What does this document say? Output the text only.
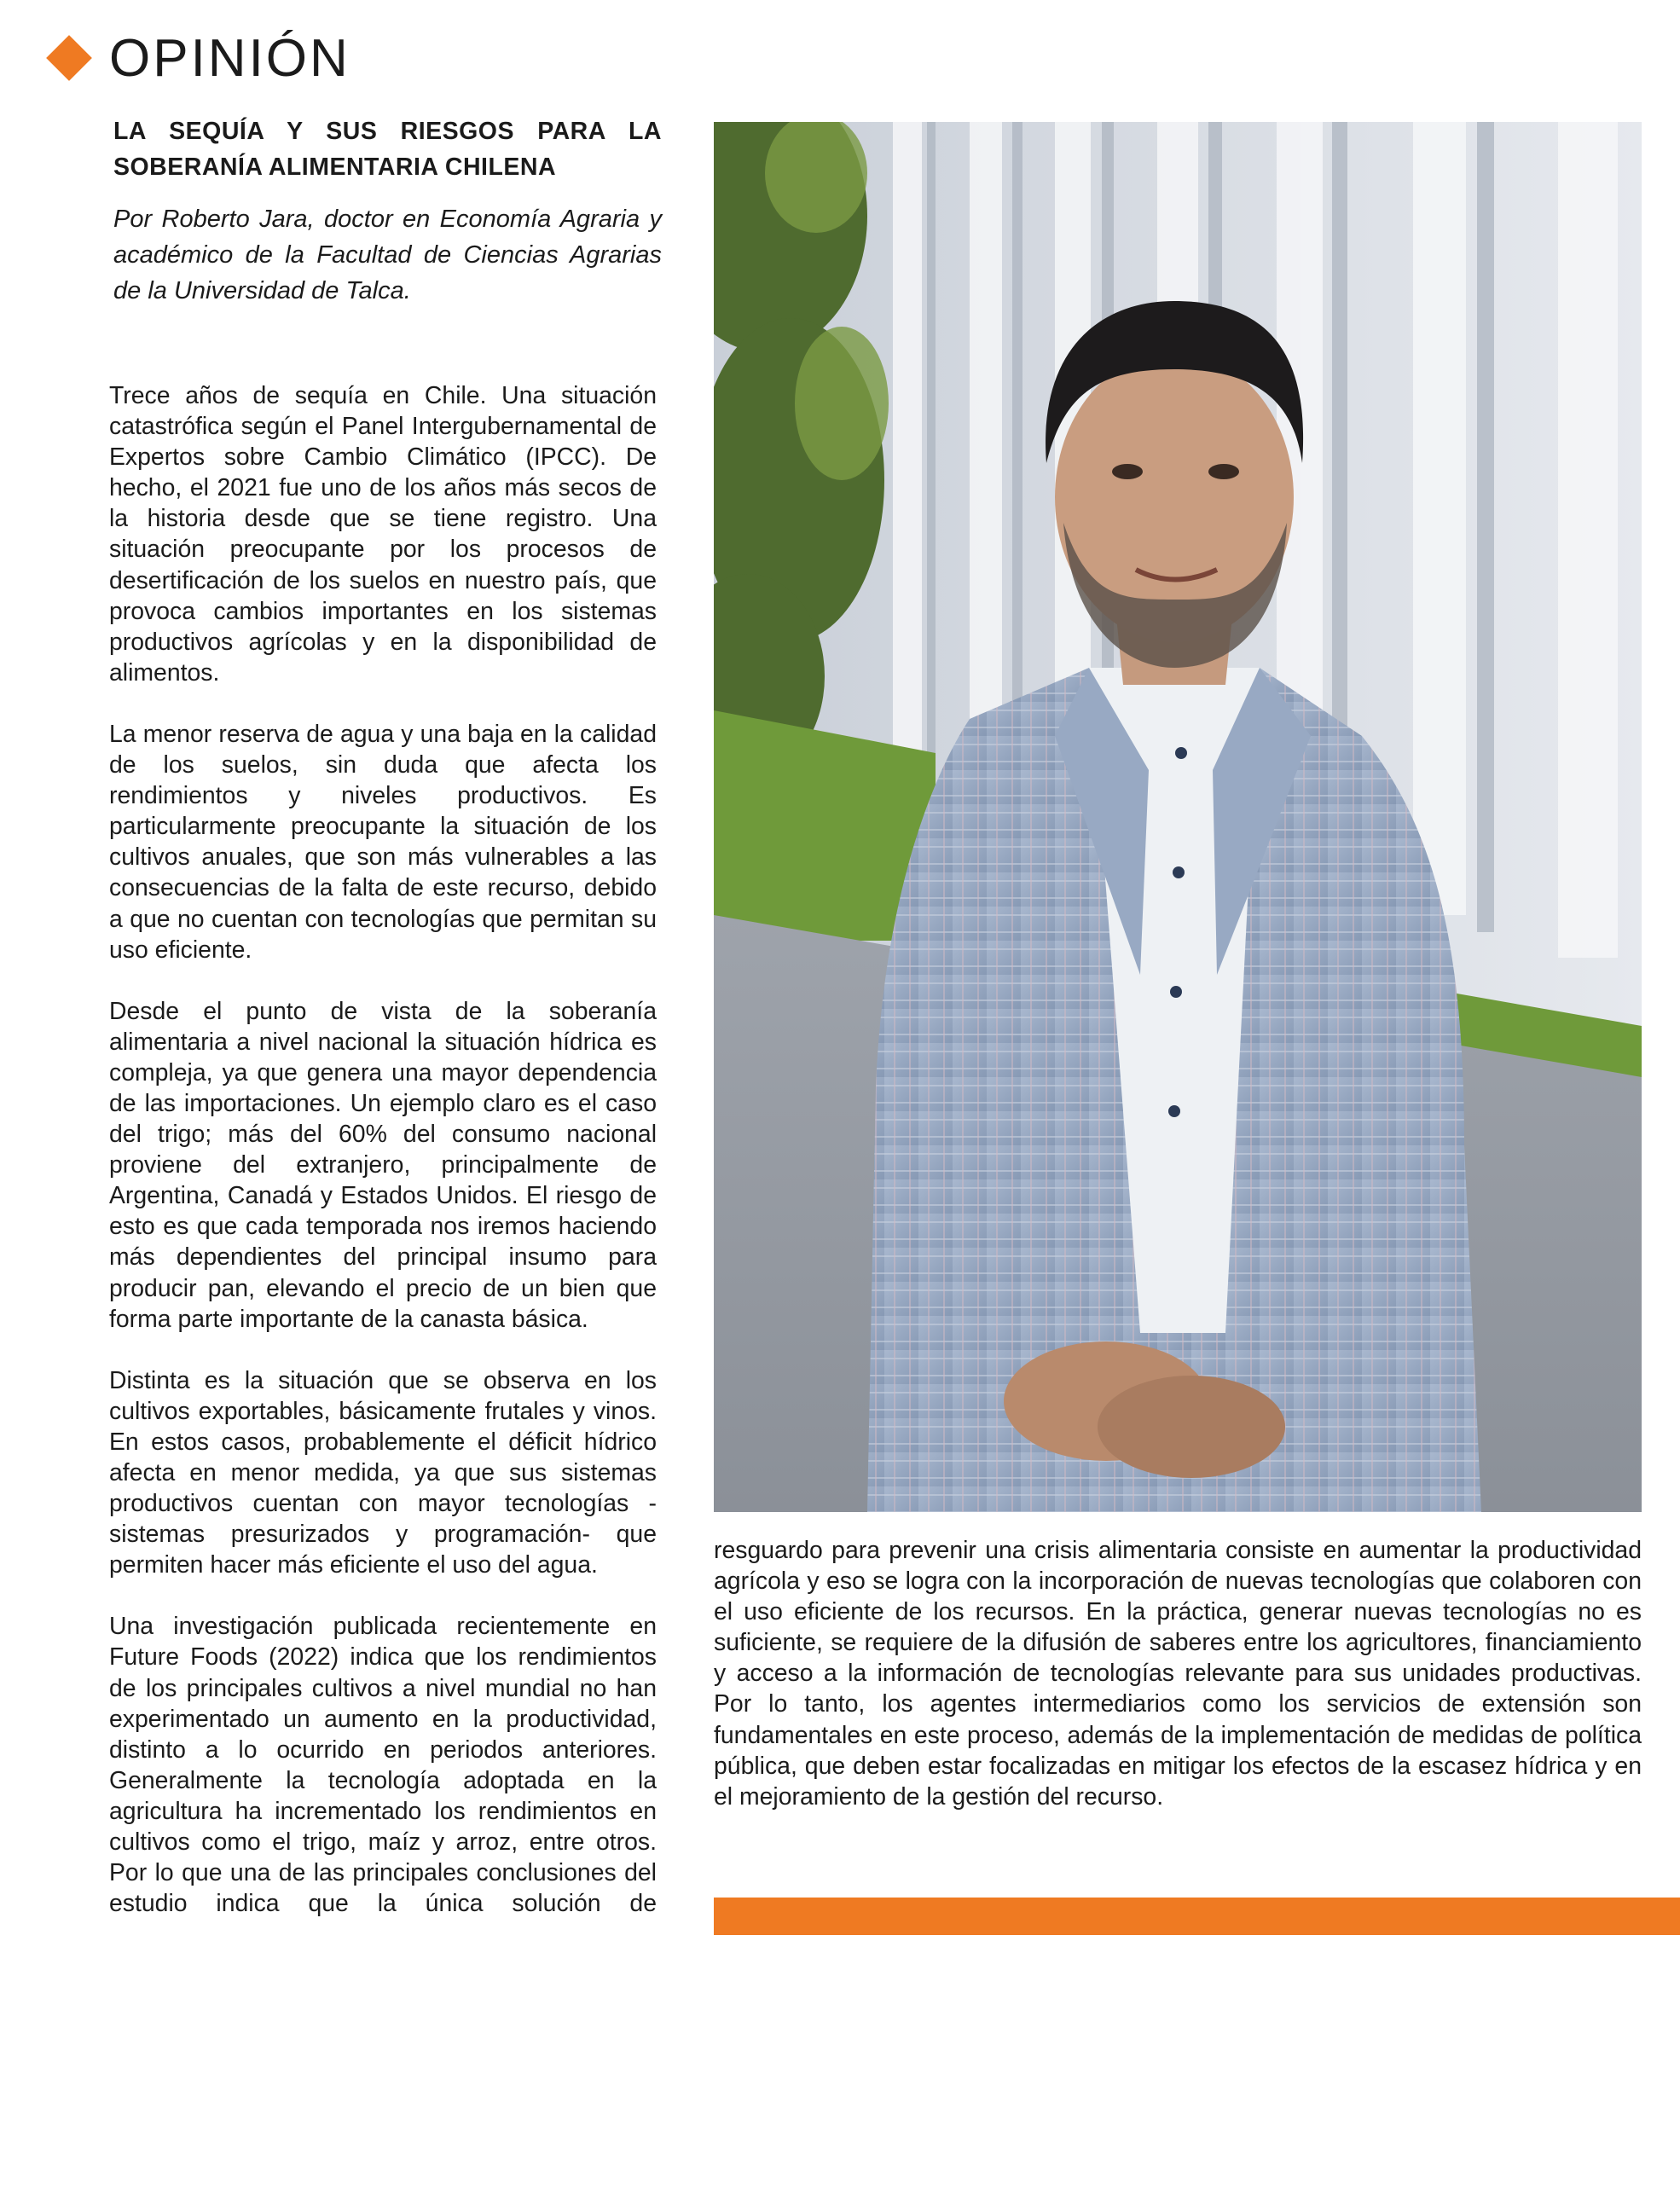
OPINIÓN
LA SEQUÍA Y SUS RIESGOS PARA LA SOBERANÍA ALIMENTARIA CHILENA

Por Roberto Jara, doctor en Economía Agraria y académico de la Facultad de Ciencias Agrarias de la Universidad de Talca.

Trece años de sequía en Chile. Una situación catastrófica según el Panel Intergubernamental de Expertos sobre Cambio Climático (IPCC). De hecho, el 2021 fue uno de los años más secos de la historia desde que se tiene registro. Una situación preocupante por los procesos de desertificación de los suelos en nuestro país, que provoca cambios importantes en los sistemas productivos agrícolas y en la disponibilidad de alimentos.

La menor reserva de agua y una baja en la calidad de los suelos, sin duda que afecta los rendimientos y niveles productivos. Es particularmente preocupante la situación de los cultivos anuales, que son más vulnerables a las consecuencias de la falta de este recurso, debido a que no cuentan con tecnologías que permitan su uso eficiente.

Desde el punto de vista de la soberanía alimentaria a nivel nacional la situación hídrica es compleja, ya que genera una mayor dependencia de las importaciones. Un ejemplo claro es el caso del trigo; más del 60% del consumo nacional proviene del extranjero, principalmente de Argentina, Canadá y Estados Unidos. El riesgo de esto es que cada temporada nos iremos haciendo más dependientes del principal insumo para producir pan, elevando el precio de un bien que forma parte importante de la canasta básica.

Distinta es la situación que se observa en los cultivos exportables, básicamente frutales y vinos. En estos casos, probablemente el déficit hídrico afecta en menor medida, ya que sus sistemas productivos cuentan con mayor tecnologías -sistemas presurizados y programación- que permiten hacer más eficiente el uso del agua.

Una investigación publicada recientemente en Future Foods (2022) indica que los rendimientos de los principales cultivos a nivel mundial no han experimentado un aumento en la productividad, distinto a lo ocurrido en periodos anteriores. Generalmente la tecnología adoptada en la agricultura ha incrementado los rendimientos en cultivos como el trigo, maíz y arroz, entre otros. Por lo que una de las principales conclusiones del estudio indica que la única solución de

resguardo para prevenir una crisis alimentaria consiste en aumentar la productividad agrícola y eso se logra con la incorporación de nuevas tecnologías que colaboren con el uso eficiente de los recursos. En la práctica, generar nuevas tecnologías no es suficiente, se requiere de la difusión de saberes entre los agricultores, financiamiento y acceso a la información de tecnologías relevante para sus unidades productivas. Por lo tanto, los agentes intermediarios como los servicios de extensión son fundamentales en este proceso, además de la implementación de medidas de política pública, que deben estar focalizadas en mitigar los efectos de la escasez hídrica y en el mejoramiento de la gestión del recurso.
